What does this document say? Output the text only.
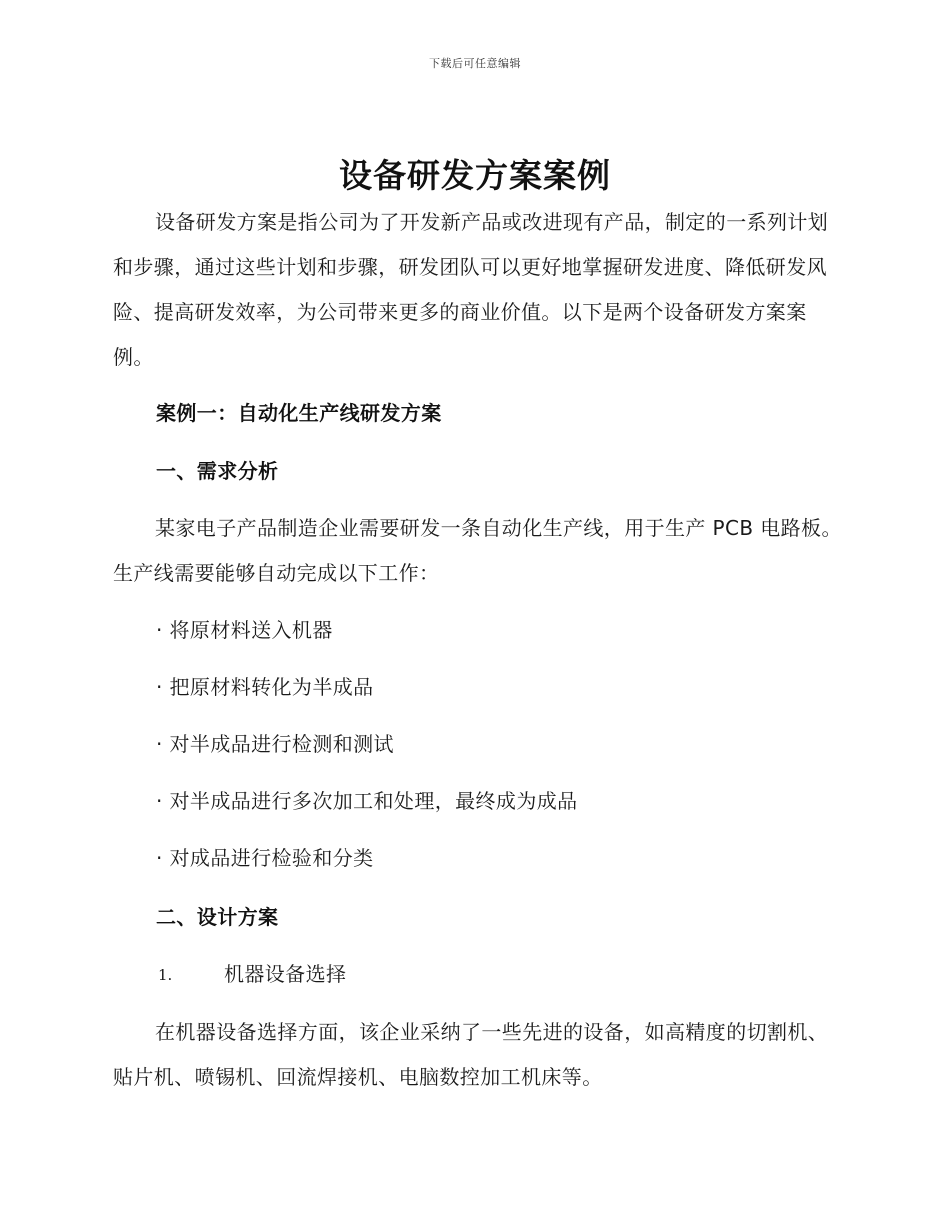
下载后可任意编辑
设备研发方案案例
设备研发方案是指公司为了开发新产品或改进现有产品，制定的一系列计划和步骤，通过这些计划和步骤，研发团队可以更好地掌握研发进度、降低研发风险、提高研发效率，为公司带来更多的商业价值。以下是两个设备研发方案案例。
案例一：自动化生产线研发方案
一、需求分析
某家电子产品制造企业需要研发一条自动化生产线，用于生产 PCB 电路板。生产线需要能够自动完成以下工作：
· 将原材料送入机器
· 把原材料转化为半成品
· 对半成品进行检测和测试
· 对半成品进行多次加工和处理，最终成为成品
· 对成品进行检验和分类
二、设计方案
1.	机器设备选择
在机器设备选择方面，该企业采纳了一些先进的设备，如高精度的切割机、贴片机、喷锡机、回流焊接机、电脑数控加工机床等。
